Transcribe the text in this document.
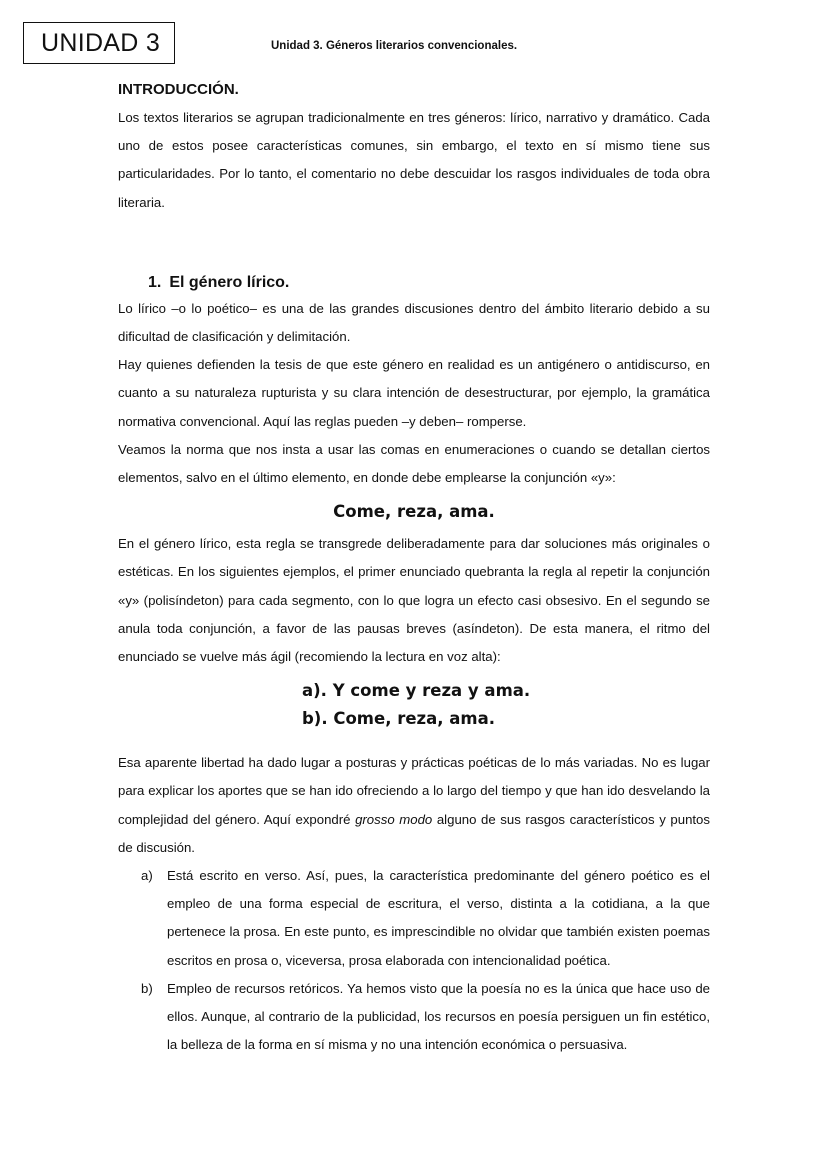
UNIDAD 3	Unidad 3. Géneros literarios convencionales.
INTRODUCCIÓN.

Los textos literarios se agrupan tradicionalmente en tres géneros: lírico, narrativo y dramático. Cada uno de estos posee características comunes, sin embargo, el texto en sí mismo tiene sus particularidades. Por lo tanto, el comentario no debe descuidar los rasgos individuales de toda obra literaria.

1. El género lírico.

Lo lírico –o lo poético– es una de las grandes discusiones dentro del ámbito literario debido a su dificultad de clasificación y delimitación.

Hay quienes defienden la tesis de que este género en realidad es un antigénero o antidiscurso, en cuanto a su naturaleza rupturista y su clara intención de desestructurar, por ejemplo, la gramática normativa convencional. Aquí las reglas pueden –y deben– romperse.

Veamos la norma que nos insta a usar las comas en enumeraciones o cuando se detallan ciertos elementos, salvo en el último elemento, en donde debe emplearse la conjunción «y»:

Come, reza, ama.

En el género lírico, esta regla se transgrede deliberadamente para dar soluciones más originales o estéticas. En los siguientes ejemplos, el primer enunciado quebranta la regla al repetir la conjunción «y» (polisíndeton) para cada segmento, con lo que logra un efecto casi obsesivo. En el segundo se anula toda conjunción, a favor de las pausas breves (asíndeton). De esta manera, el ritmo del enunciado se vuelve más ágil (recomiendo la lectura en voz alta):

a). Y come y reza y ama.
b). Come, reza, ama.

Esa aparente libertad ha dado lugar a posturas y prácticas poéticas de lo más variadas. No es lugar para explicar los aportes que se han ido ofreciendo a lo largo del tiempo y que han ido desvelando la complejidad del género. Aquí expondré grosso modo alguno de sus rasgos característicos y puntos de discusión.

a) Está escrito en verso. Así, pues, la característica predominante del género poético es el empleo de una forma especial de escritura, el verso, distinta a la cotidiana, a la que pertenece la prosa. En este punto, es imprescindible no olvidar que también existen poemas escritos en prosa o, viceversa, prosa elaborada con intencionalidad poética.

b) Empleo de recursos retóricos. Ya hemos visto que la poesía no es la única que hace uso de ellos. Aunque, al contrario de la publicidad, los recursos en poesía persiguen un fin estético, la belleza de la forma en sí misma y no una intención económica o persuasiva.
